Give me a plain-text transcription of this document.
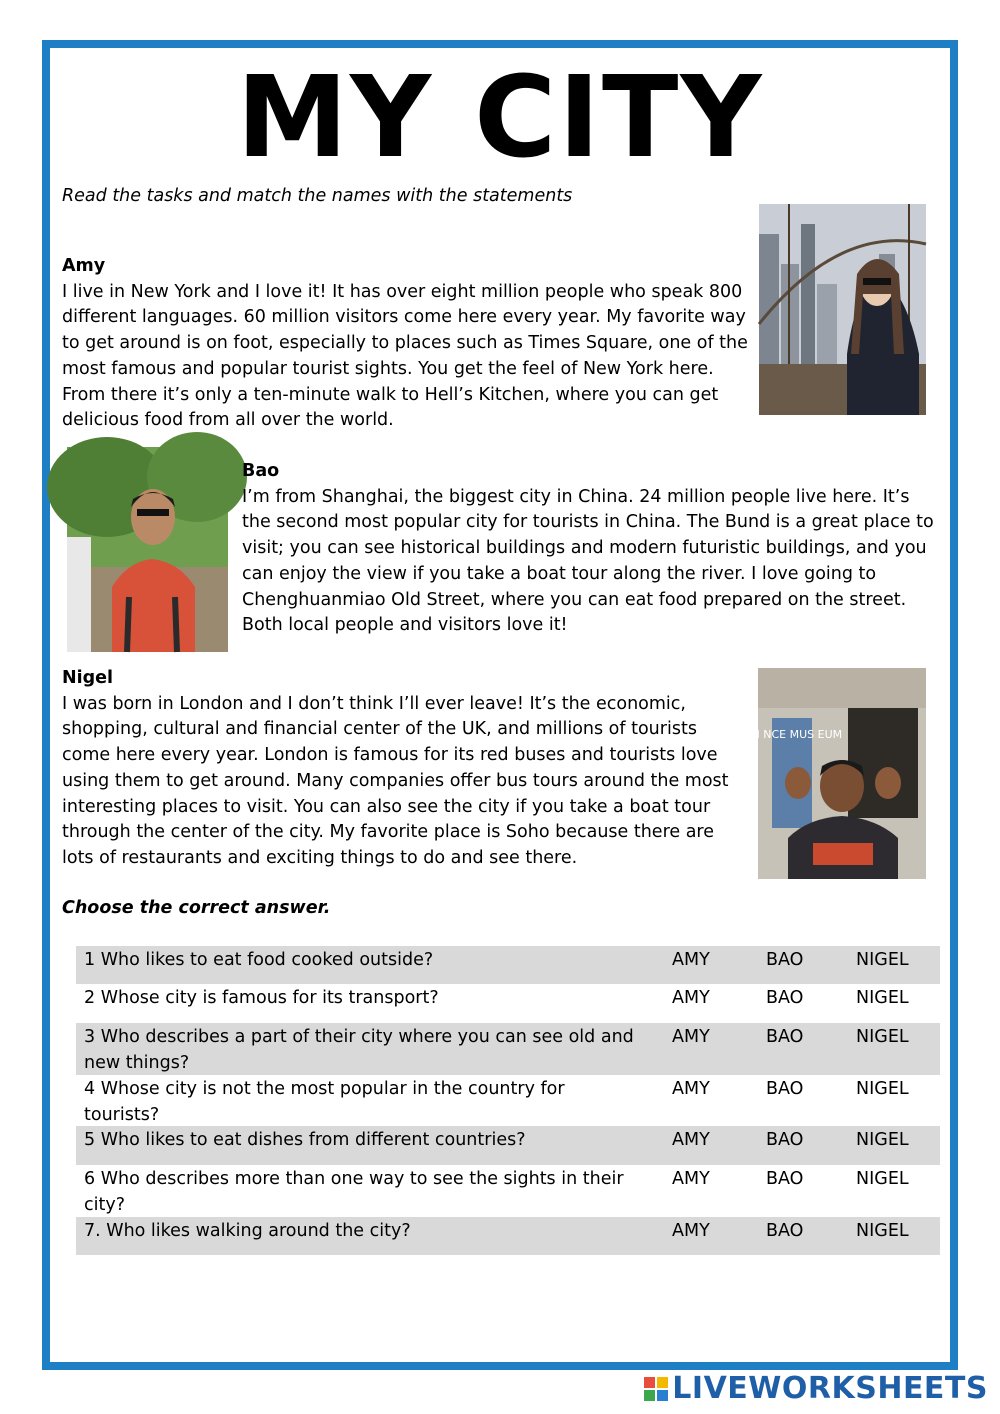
MY CITY
Read the tasks and match the names with the statements
Amy
I live in New York and I love it! It has over eight million people who speak 800 different languages. 60 million visitors come here every year. My favorite way to get around is on foot, especially to places such as Times Square, one of the most famous and popular tourist sights. You get the feel of New York here. From there it’s only a ten-minute walk to Hell’s Kitchen, where you can get delicious food from all over the world.
Bao
I’m from Shanghai, the biggest city in China. 24 million people live here. It’s the second most popular city for tourists in China. The Bund is a great place to visit; you can see historical buildings and modern futuristic buildings, and you can enjoy the view if you take a boat tour along the river. I love going to Chenghuanmiao Old Street, where you can eat food prepared on the street. Both local people and visitors love it!
Nigel
I was born in London and I don’t think I’ll ever leave! It’s the economic, shopping, cultural and financial center of the UK, and millions of tourists come here every year. London is famous for its red buses and tourists love using them to get around. Many companies offer bus tours around the most interesting places to visit. You can also see the city if you take a boat tour through the center of the city. My favorite place is Soho because there are lots of restaurants and exciting things to do and see there.
SCI NCE MUS EUM
Choose the correct answer.
1 Who likes to eat food cooked outside?	AMY	BAO	NIGEL
2 Whose city is famous for its transport?	AMY	BAO	NIGEL
3 Who describes a part of their city where you can see old and new things?
AMY	BAO	NIGEL
4 Whose city is not the most popular in the country for tourists?
AMY	BAO	NIGEL
5 Who likes to eat dishes from different countries?	AMY	BAO	NIGEL
6 Who describes more than one way to see the sights in their city?
AMY	BAO	NIGEL
7. Who likes walking around the city?	AMY	BAO	NIGEL
LIVEWORKSHEETS
